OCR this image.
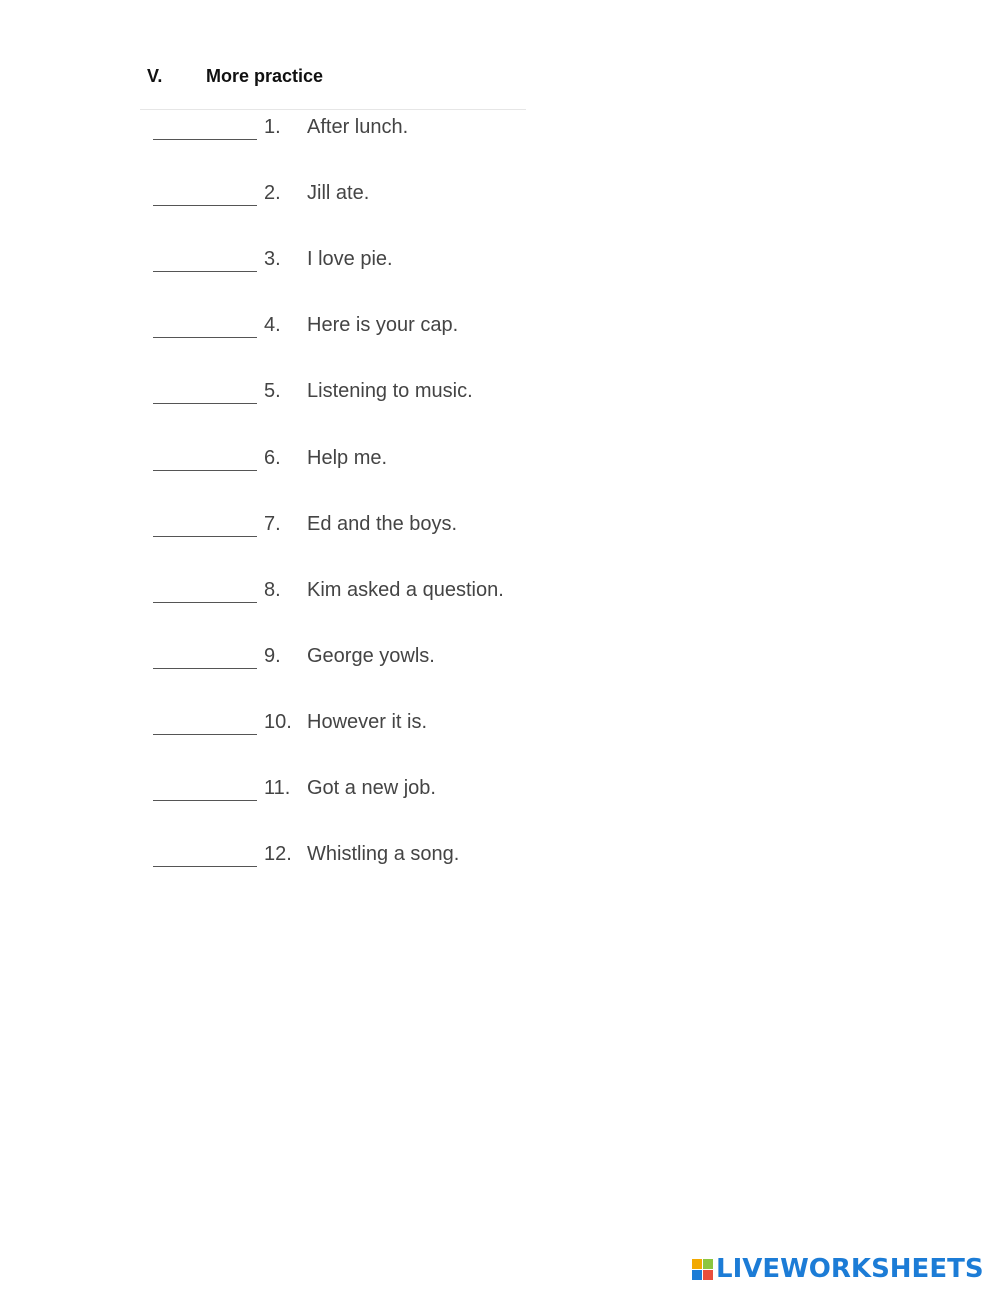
V. More practice
1. After lunch.
2. Jill ate.
3. I love pie.
4. Here is your cap.
5. Listening to music.
6. Help me.
7. Ed and the boys.
8. Kim asked a question.
9. George yowls.
10. However it is.
11. Got a new job.
12. Whistling a song.
LIVEWORKSHEETS
